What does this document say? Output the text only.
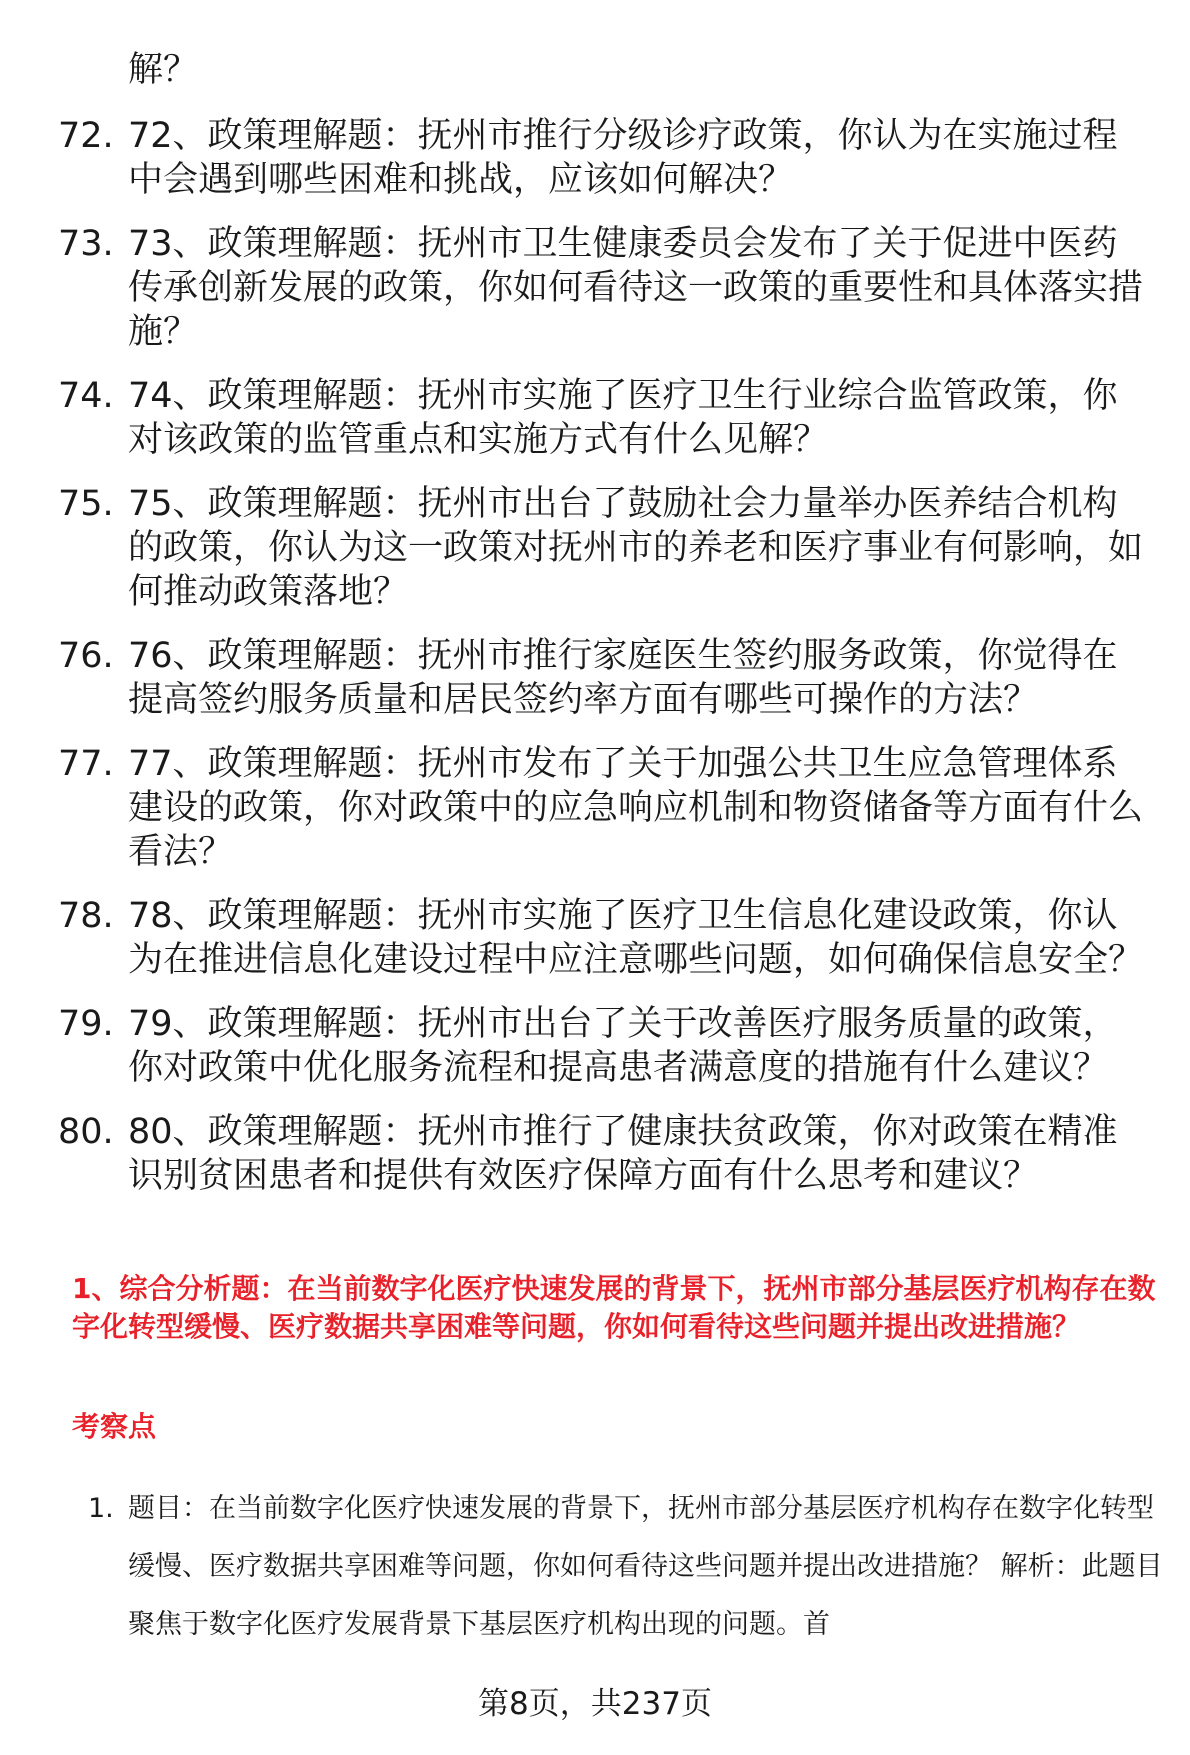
解？

72. 72、政策理解题：抚州市推行分级诊疗政策，你认为在实施过程中会遇到哪些困难和挑战，应该如何解决？
73. 73、政策理解题：抚州市卫生健康委员会发布了关于促进中医药传承创新发展的政策，你如何看待这一政策的重要性和具体落实措施？
74. 74、政策理解题：抚州市实施了医疗卫生行业综合监管政策，你对该政策的监管重点和实施方式有什么见解？
75. 75、政策理解题：抚州市出台了鼓励社会力量举办医养结合机构的政策，你认为这一政策对抚州市的养老和医疗事业有何影响，如何推动政策落地？
76. 76、政策理解题：抚州市推行家庭医生签约服务政策，你觉得在提高签约服务质量和居民签约率方面有哪些可操作的方法？
77. 77、政策理解题：抚州市发布了关于加强公共卫生应急管理体系建设的政策，你对政策中的应急响应机制和物资储备等方面有什么看法？
78. 78、政策理解题：抚州市实施了医疗卫生信息化建设政策，你认为在推进信息化建设过程中应注意哪些问题，如何确保信息安全？
79. 79、政策理解题：抚州市出台了关于改善医疗服务质量的政策，你对政策中优化服务流程和提高患者满意度的措施有什么建议？
80. 80、政策理解题：抚州市推行了健康扶贫政策，你对政策在精准识别贫困患者和提供有效医疗保障方面有什么思考和建议？

1、综合分析题：在当前数字化医疗快速发展的背景下，抚州市部分基层医疗机构存在数字化转型缓慢、医疗数据共享困难等问题，你如何看待这些问题并提出改进措施？

考察点

1. 题目：在当前数字化医疗快速发展的背景下，抚州市部分基层医疗机构存在数字化转型缓慢、医疗数据共享困难等问题，你如何看待这些问题并提出改进措施？ 解析：此题目聚焦于数字化医疗发展背景下基层医疗机构出现的问题。首

第8页，共237页
